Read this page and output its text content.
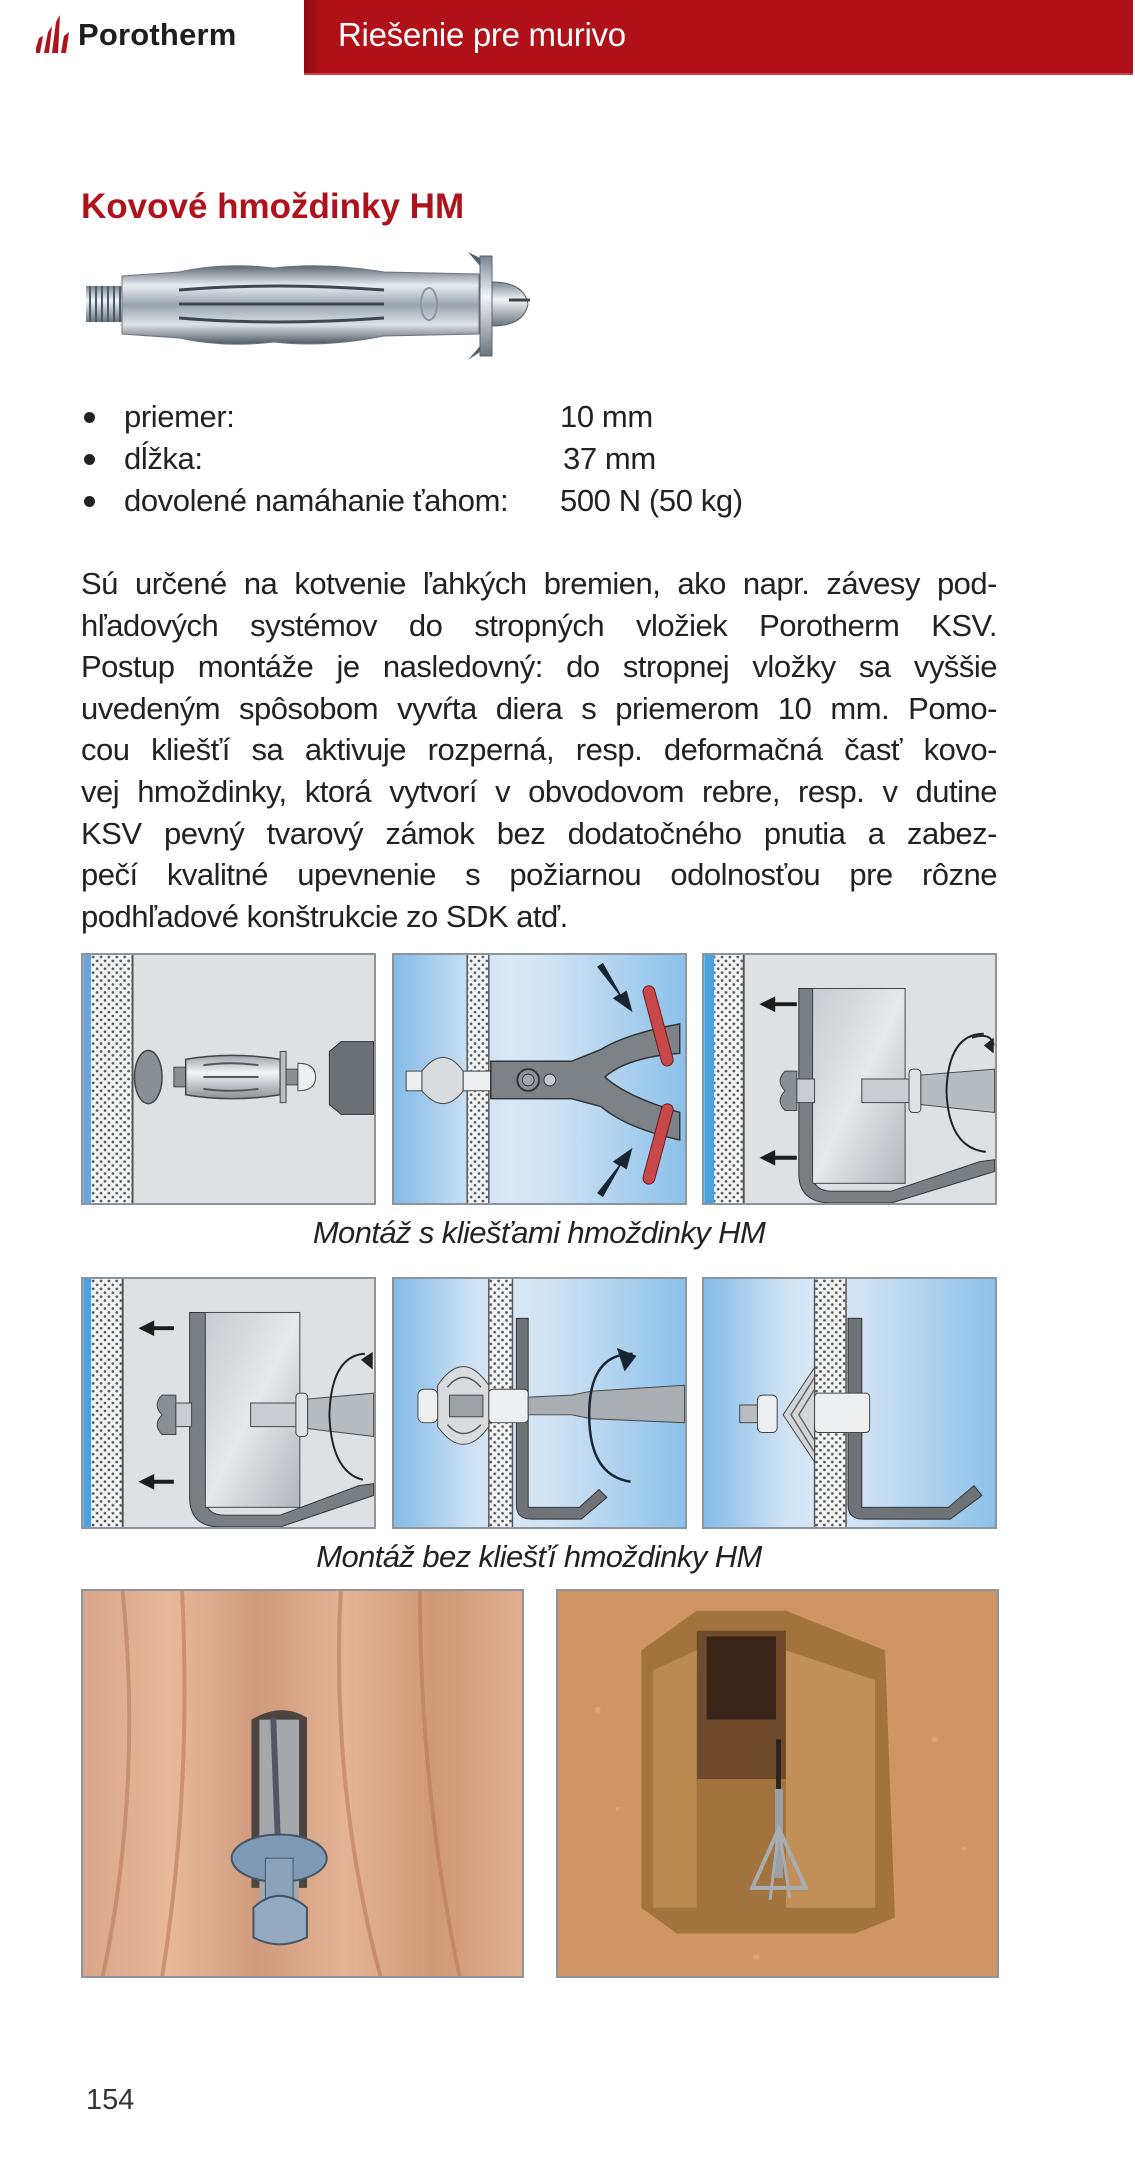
Porotherm	Riešenie pre murivo
Kovové hmoždinky HM
priemer:	10 mm
dĺžka:	37 mm
dovolené namáhanie ťahom: 500 N (50 kg)
Sú určené na kotvenie ľahkých bremien, ako napr. závesy pod-
hľadových systémov do stropných vložiek Porotherm KSV.
Postup montáže je nasledovný: do stropnej vložky sa vyššie
uvedeným spôsobom vyvŕta diera s priemerom 10 mm. Pomo-
cou kliešťí sa aktivuje rozperná, resp. deformačná časť kovo-
vej hmoždinky, ktorá vytvorí v obvodovom rebre, resp. v dutine
KSV pevný tvarový zámok bez dodatočného pnutia a zabez-
pečí kvalitné upevnenie s požiarnou odolnosťou pre rôzne
podhľadové konštrukcie zo SDK atď.
Montáž s kliešťami hmoždinky HM
Montáž bez kliešťí hmoždinky HM
154
